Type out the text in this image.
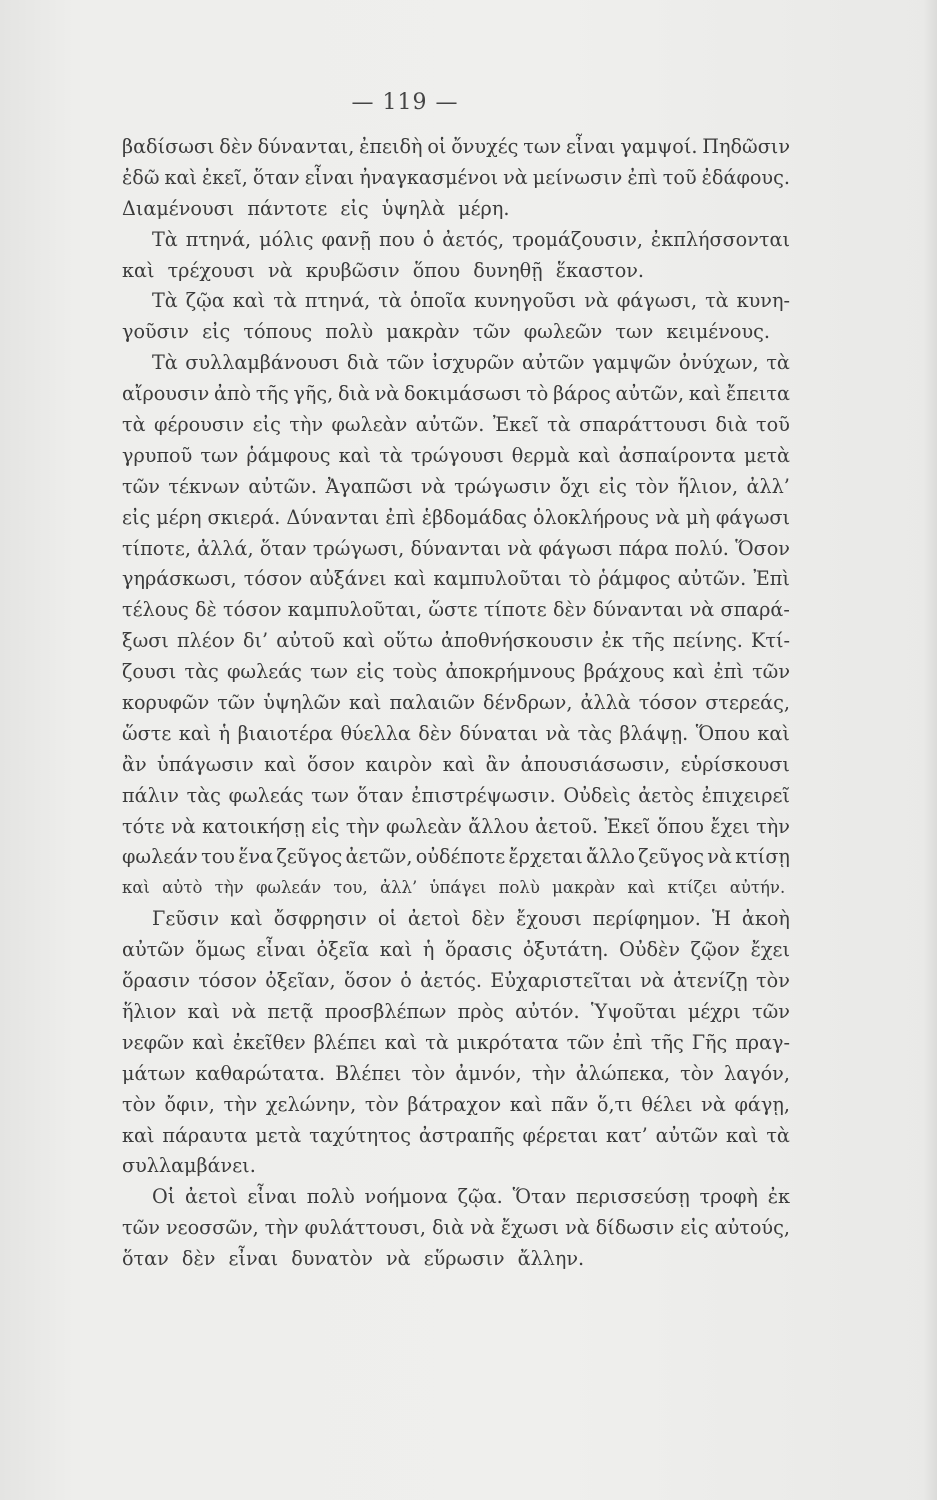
— 119 —
βαδίσωσι δὲν δύνανται, ἐπειδὴ οἱ ὄνυχές των εἶναι γαμψοί. Πηδῶσιν
ἐδῶ καὶ ἐκεῖ, ὅταν εἶναι ἠναγκασμένοι νὰ μείνωσιν ἐπὶ τοῦ ἐδάφους.
Διαμένουσι πάντοτε εἰς ὑψηλὰ μέρη.
Τὰ πτηνά, μόλις φανῇ που ὁ ἀετός, τρομάζουσιν, ἐκπλήσσονται
καὶ τρέχουσι νὰ κρυβῶσιν ὅπου δυνηθῇ ἕκαστον.
Τὰ ζῷα καὶ τὰ πτηνά, τὰ ὁποῖα κυνηγοῦσι νὰ φάγωσι, τὰ κυνη-
γοῦσιν εἰς τόπους πολὺ μακρὰν τῶν φωλεῶν των κειμένους.
Τὰ συλλαμβάνουσι διὰ τῶν ἰσχυρῶν αὐτῶν γαμψῶν ὀνύχων, τὰ
αἴρουσιν ἀπὸ τῆς γῆς, διὰ νὰ δοκιμάσωσι τὸ βάρος αὐτῶν, καὶ ἔπειτα
τὰ φέρουσιν εἰς τὴν φωλεὰν αὐτῶν. Ἐκεῖ τὰ σπαράττουσι διὰ τοῦ
γρυποῦ των ῥάμφους καὶ τὰ τρώγουσι θερμὰ καὶ ἀσπαίροντα μετὰ
τῶν τέκνων αὐτῶν. Ἀγαπῶσι νὰ τρώγωσιν ὄχι εἰς τὸν ἥλιον, ἀλλ’
εἰς μέρη σκιερά. Δύνανται ἐπὶ ἑβδομάδας ὁλοκλήρους νὰ μὴ φάγωσι
τίποτε, ἀλλά, ὅταν τρώγωσι, δύνανται νὰ φάγωσι πάρα πολύ. Ὅσον
γηράσκωσι, τόσον αὐξάνει καὶ καμπυλοῦται τὸ ῥάμφος αὐτῶν. Ἐπὶ
τέλους δὲ τόσον καμπυλοῦται, ὥστε τίποτε δὲν δύνανται νὰ σπαρά-
ξωσι πλέον δι’ αὐτοῦ καὶ οὕτω ἀποθνήσκουσιν ἐκ τῆς πείνης. Κτί-
ζουσι τὰς φωλεάς των εἰς τοὺς ἀποκρήμνους βράχους καὶ ἐπὶ τῶν
κορυφῶν τῶν ὑψηλῶν καὶ παλαιῶν δένδρων, ἀλλὰ τόσον στερεάς,
ὥστε καὶ ἡ βιαιοτέρα θύελλα δὲν δύναται νὰ τὰς βλάψῃ. Ὅπου καὶ
ἂν ὑπάγωσιν καὶ ὅσον καιρὸν καὶ ἂν ἀπουσιάσωσιν, εὑρίσκουσι
πάλιν τὰς φωλεάς των ὅταν ἐπιστρέψωσιν. Οὐδεὶς ἀετὸς ἐπιχειρεῖ
τότε νὰ κατοικήσῃ εἰς τὴν φωλεὰν ἄλλου ἀετοῦ. Ἐκεῖ ὅπου ἔχει τὴν
φωλεάν του ἕνα ζεῦγος ἀετῶν, οὐδέποτε ἔρχεται ἄλλο ζεῦγος νὰ κτίσῃ
καὶ αὐτὸ τὴν φωλεάν του, ἀλλ’ ὑπάγει πολὺ μακρὰν καὶ κτίζει αὐτήν.
Γεῦσιν καὶ ὄσφρησιν οἱ ἀετοὶ δὲν ἔχουσι περίφημον. Ἡ ἀκοὴ
αὐτῶν ὅμως εἶναι ὀξεῖα καὶ ἡ ὅρασις ὀξυτάτη. Οὐδὲν ζῷον ἔχει
ὅρασιν τόσον ὀξεῖαν, ὅσον ὁ ἀετός. Εὐχαριστεῖται νὰ ἀτενίζῃ τὸν
ἥλιον καὶ νὰ πετᾷ προσβλέπων πρὸς αὐτόν. Ὑψοῦται μέχρι τῶν
νεφῶν καὶ ἐκεῖθεν βλέπει καὶ τὰ μικρότατα τῶν ἐπὶ τῆς Γῆς πραγ-
μάτων καθαρώτατα. Βλέπει τὸν ἀμνόν, τὴν ἀλώπεκα, τὸν λαγόν,
τὸν ὄφιν, τὴν χελώνην, τὸν βάτραχον καὶ πᾶν ὅ,τι θέλει νὰ φάγῃ,
καὶ πάραυτα μετὰ ταχύτητος ἀστραπῆς φέρεται κατ’ αὐτῶν καὶ τὰ
συλλαμβάνει.
Οἱ ἀετοὶ εἶναι πολὺ νοήμονα ζῷα. Ὅταν περισσεύσῃ τροφὴ ἐκ
τῶν νεοσσῶν, τὴν φυλάττουσι, διὰ νὰ ἔχωσι νὰ δίδωσιν εἰς αὐτούς,
ὅταν δὲν εἶναι δυνατὸν νὰ εὕρωσιν ἄλλην.
